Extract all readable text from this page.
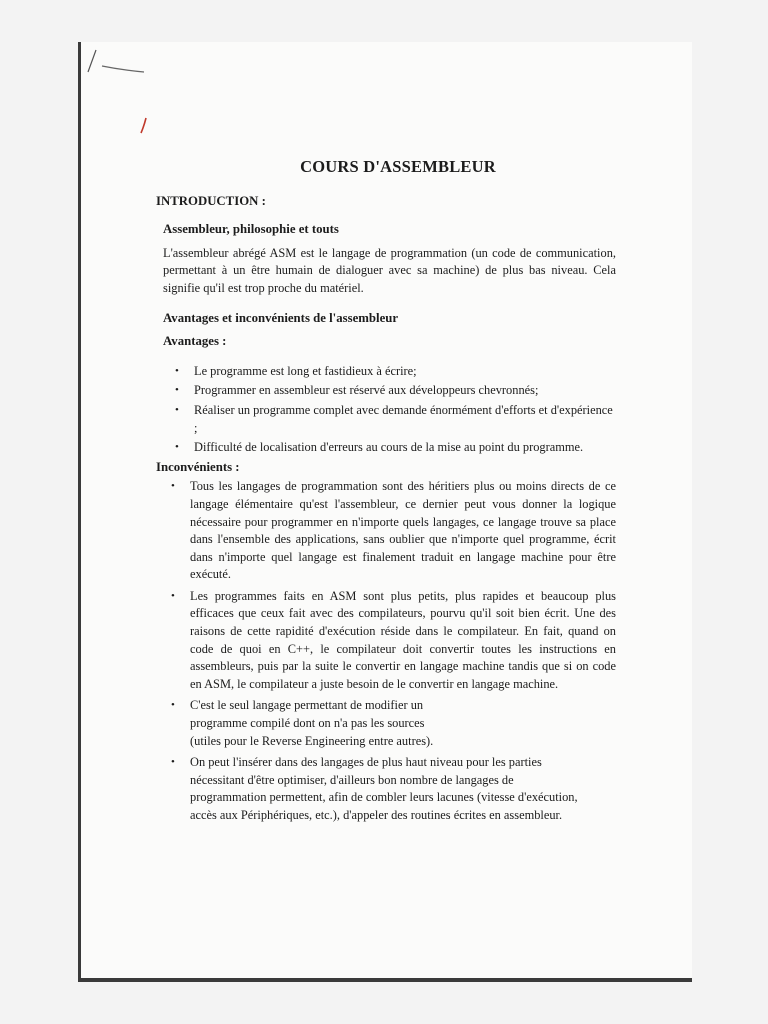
COURS D'ASSEMBLEUR
INTRODUCTION :
Assembleur, philosophie et touts

L'assembleur abrégé ASM est le langage de programmation (un code de communication, permettant à un être humain de dialoguer avec sa machine) de plus bas niveau. Cela signifie qu'il est trop proche du matériel.

Avantages et inconvénients de l'assembleur
Avantages :
• Le programme est long et fastidieux à écrire;
• Programmer en assembleur est réservé aux développeurs chevronnés;
• Réaliser un programme complet avec demande énormément d'efforts et d'expérience ;
• Difficulté de localisation d'erreurs au cours de la mise au point du programme.
Inconvénients :
• Tous les langages de programmation sont des héritiers plus ou moins directs de ce langage élémentaire qu'est l'assembleur, ce dernier peut vous donner la logique nécessaire pour programmer en n'importe quels langages, ce langage trouve sa place dans l'ensemble des applications, sans oublier que n'importe quel programme, écrit dans n'importe quel langage est finalement traduit en langage machine pour être exécuté.
• Les programmes faits en ASM sont plus petits, plus rapides et beaucoup plus efficaces que ceux fait avec des compilateurs, pourvu qu'il soit bien écrit. Une des raisons de cette rapidité d'exécution réside dans le compilateur. En fait, quand on code de quoi en C++, le compilateur doit convertir toutes les instructions en assembleurs, puis par la suite le convertir en langage machine tandis que si on code en ASM, le compilateur a juste besoin de le convertir en langage machine.
• C'est le seul langage permettant de modifier un programme compilé dont on n'a pas les sources (utiles pour le Reverse Engineering entre autres).
• On peut l'insérer dans des langages de plus haut niveau pour les parties nécessitant d'être optimiser, d'ailleurs bon nombre de langages de programmation permettent, afin de combler leurs lacunes (vitesse d'exécution, accès aux Périphériques, etc.), d'appeler des routines écrites en assembleur.
